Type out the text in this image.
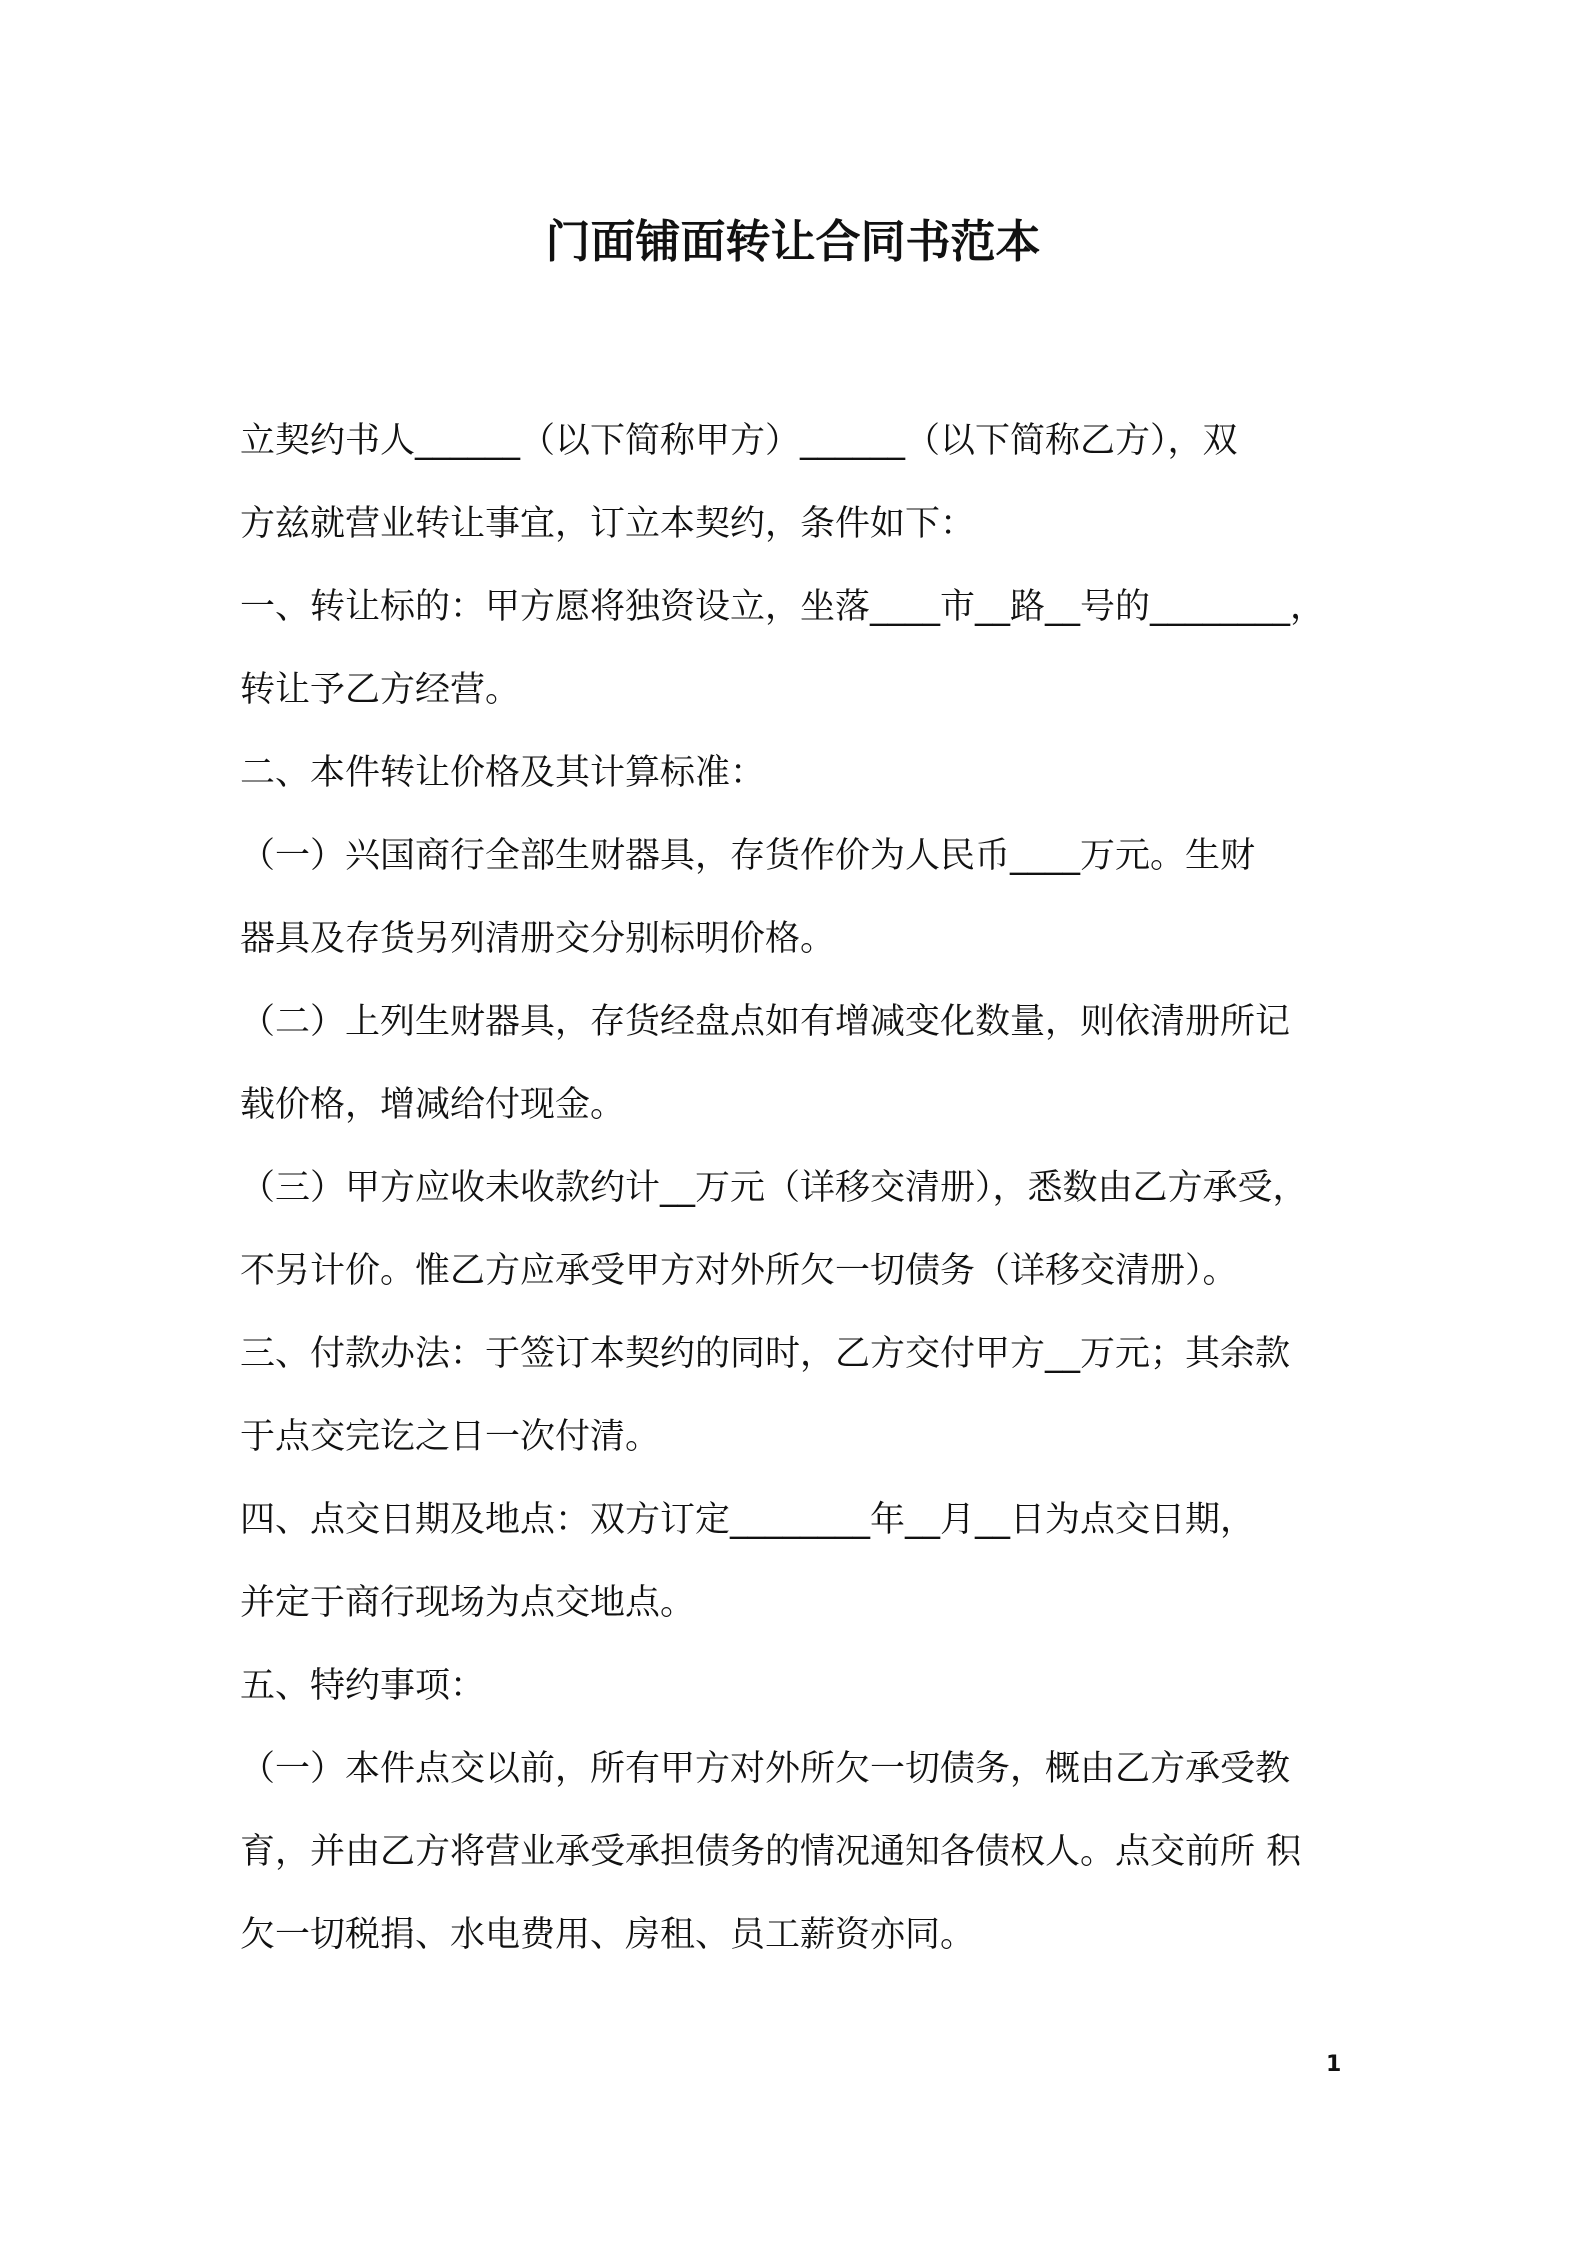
门面铺面转让合同书范本
立契约书人______（以下简称甲方）______（以下简称乙方），双
方兹就营业转让事宜，订立本契约，条件如下：
一、转让标的：甲方愿将独资设立，坐落____市__路__号的________，
转让予乙方经营。
二、本件转让价格及其计算标准：
（一）兴国商行全部生财器具，存货作价为人民币____万元。生财
器具及存货另列清册交分别标明价格。
（二）上列生财器具，存货经盘点如有增减变化数量，则依清册所记
载价格，增减给付现金。
（三）甲方应收未收款约计__万元（详移交清册），悉数由乙方承受，
不另计价。惟乙方应承受甲方对外所欠一切债务（详移交清册）。
三、付款办法：于签订本契约的同时，乙方交付甲方__万元；其余款
于点交完讫之日一次付清。
四、点交日期及地点：双方订定________年__月__日为点交日期，
并定于商行现场为点交地点。
五、特约事项：
（一）本件点交以前，所有甲方对外所欠一切债务，概由乙方承受教
育，并由乙方将营业承受承担债务的情况通知各债权人。点交前所 积
欠一切税捐、水电费用、房租、员工薪资亦同。
1
